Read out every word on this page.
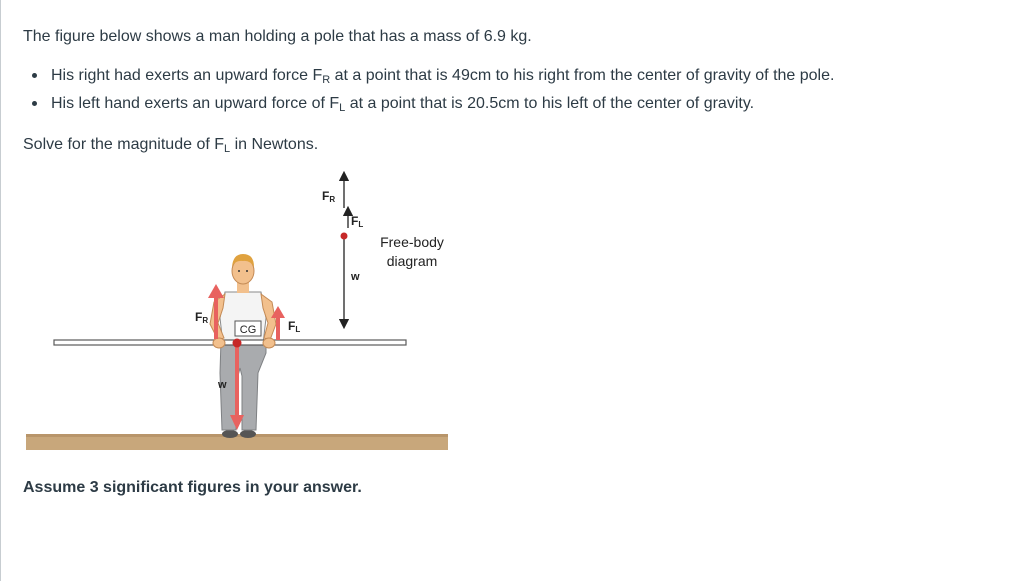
The figure below shows a man holding a pole that has a mass of 6.9 kg.
His right had exerts an upward force $F_R$ at a point that is 49cm to his right from the center of gravity of the pole.
His left hand exerts an upward force of $F_L$ at a point that is 20.5cm to his left of the center of gravity.
Solve for the magnitude of $F_L$ in Newtons.
FR
FL
w
Free-body
diagram
FR
CG	FL
w
Assume 3 significant figures in your answer.
